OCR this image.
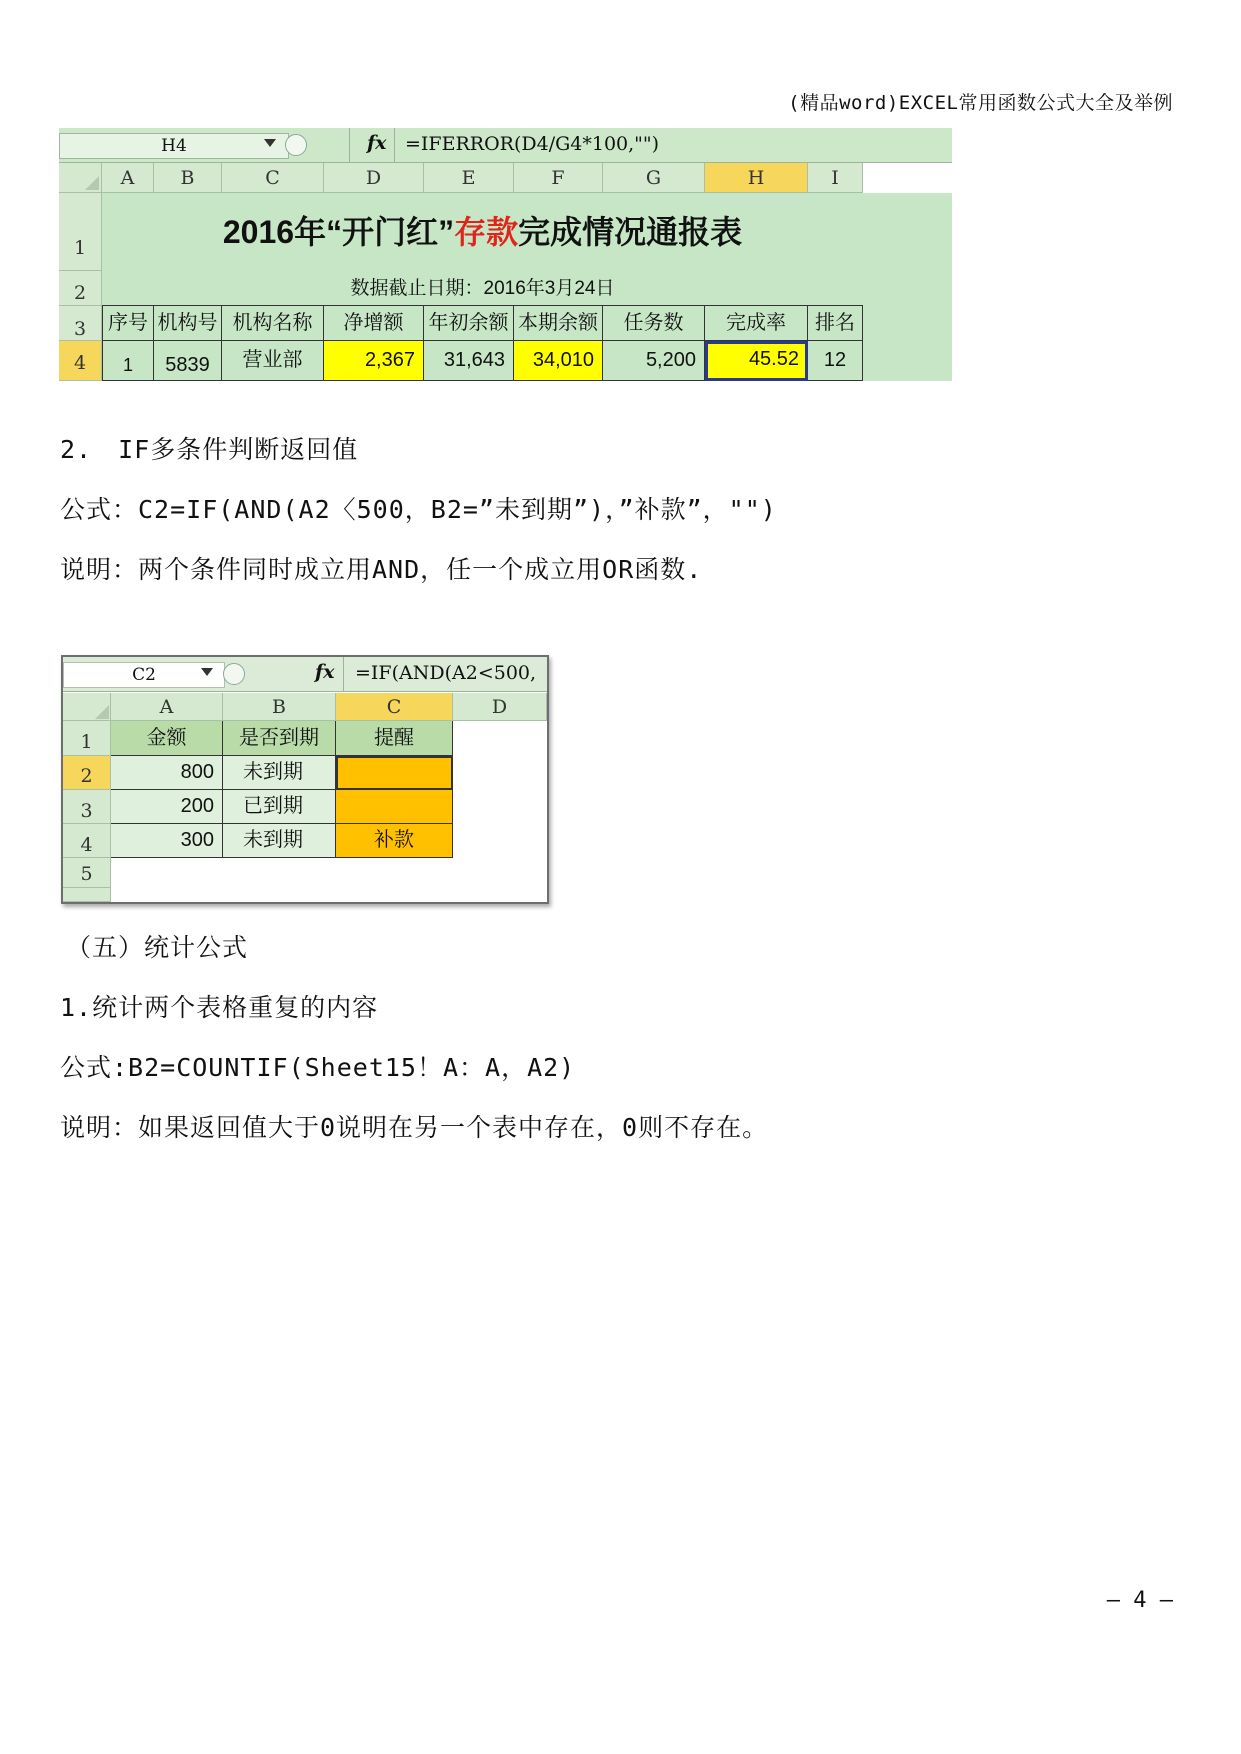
(精品word)EXCEL常用函数公式大全及举例
H4	fx =IFERROR(D4/G4*100,"")
A	B	C	D	E	F	G	H	I
1
2
3
4
2016年“开门红”存款完成情况通报表
数据截止日期：2016年3月24日
序号 机构号 机构名称	净增额	年初余额 本期余额	任务数	完成率	排名
1	5839	营业部	2,367	31,643	34,010	5,200	45.52	12
2.　IF多条件判断返回值
公式：C2=IF(AND(A2〈500，B2=”未到期”)，”补款”，"")
说明：两个条件同时成立用AND，任一个成立用OR函数.
C2	fx =IF(AND(A2<500,
A	B	C	D
1
2
3
4
5
金额	是否到期	提醒
800	未到期
200	已到期
300	未到期	补款
（五）统计公式
1.统计两个表格重复的内容
公式:B2=COUNTIF(Sheet15！A：A，A2)
说明：如果返回值大于0说明在另一个表中存在，0则不存在。
— 4 —
